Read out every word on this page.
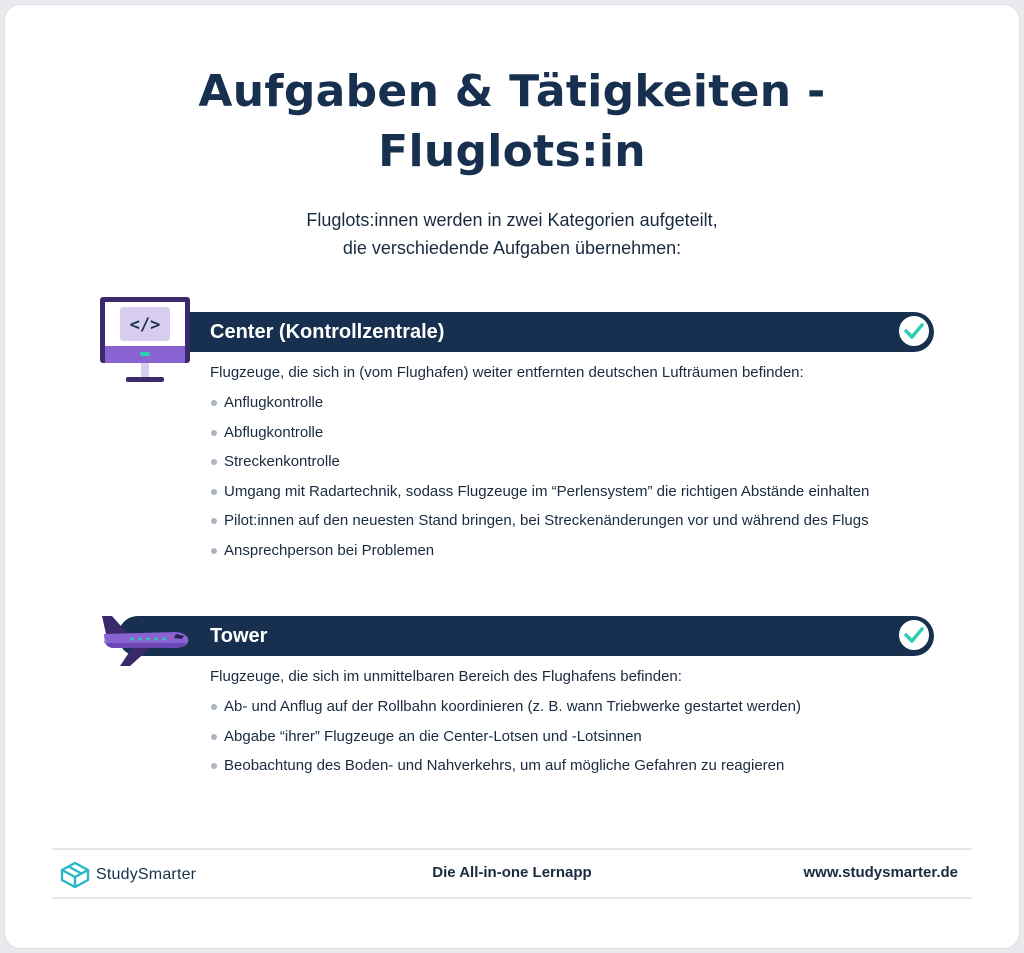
Aufgaben & Tätigkeiten -
Fluglots:in
Fluglots:innen werden in zwei Kategorien aufgeteilt,
die verschiedende Aufgaben übernehmen:
Center (Kontrollzentrale)
</>

Flugzeuge, die sich in (vom Flughafen) weiter entfernten deutschen Lufträumen befinden:

Anflugkontrolle
Abflugkontrolle
Streckenkontrolle
Umgang mit Radartechnik, sodass Flugzeuge im “Perlensystem” die richtigen Abstände einhalten
Pilot:innen auf den neuesten Stand bringen, bei Streckenänderungen vor und während des Flugs
Ansprechperson bei Problemen
Tower

Flugzeuge, die sich im unmittelbaren Bereich des Flughafens befinden:

Ab- und Anflug auf der Rollbahn koordinieren (z. B. wann Triebwerke gestartet werden)
Abgabe “ihrer” Flugzeuge an die Center-Lotsen und -Lotsinnen
Beobachtung des Boden- und Nahverkehrs, um auf mögliche Gefahren zu reagieren
StudySmarter	Die All-in-one Lernapp	www.studysmarter.de
